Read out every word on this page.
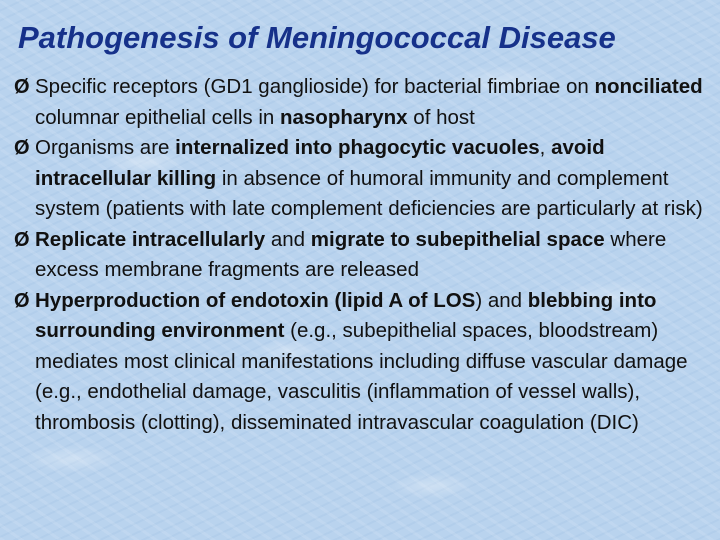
Pathogenesis of Meningococcal Disease
Ø Specific receptors (GD1 ganglioside) for bacterial fimbriae on nonciliated columnar epithelial cells in nasopharynx of host
Ø Organisms are internalized into phagocytic vacuoles, avoid intracellular killing in absence of humoral immunity and complement system (patients with late complement deficiencies are particularly at risk)
Ø Replicate intracellularly and migrate to subepithelial space where excess membrane fragments are released
Ø Hyperproduction of endotoxin (lipid A of LOS) and blebbing into surrounding environment (e.g., subepithelial spaces, bloodstream) mediates most clinical manifestations including diffuse vascular damage (e.g., endothelial damage, vasculitis (inflammation of vessel walls), thrombosis (clotting), disseminated intravascular coagulation (DIC)
